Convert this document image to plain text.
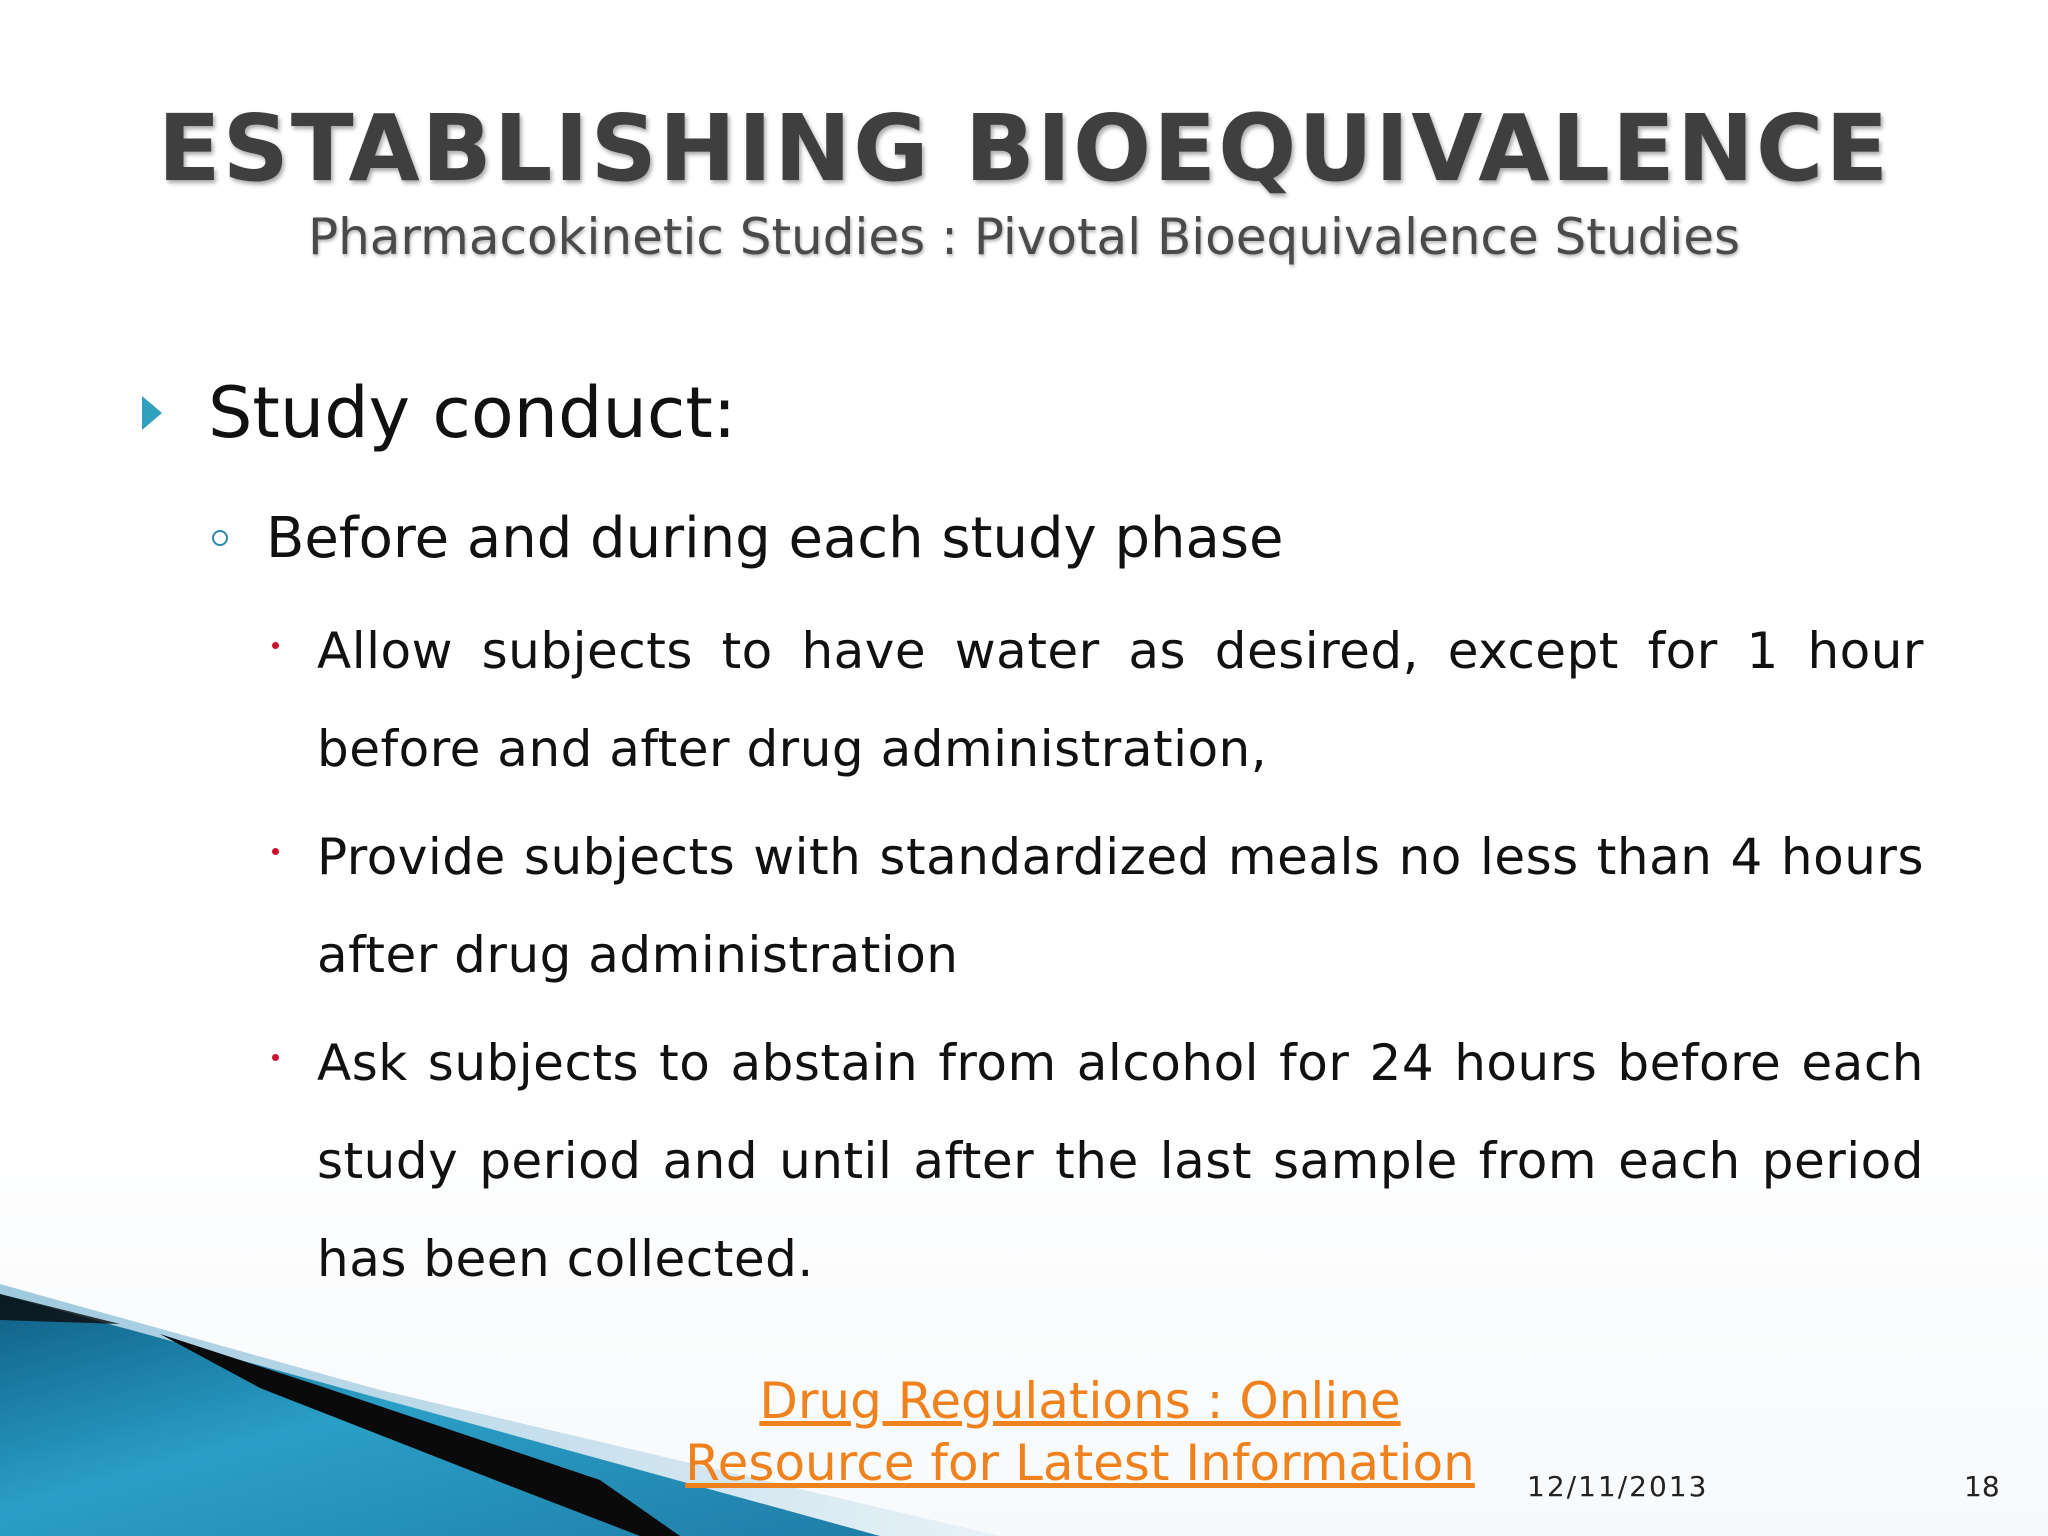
ESTABLISHING BIOEQUIVALENCE
Pharmacokinetic Studies : Pivotal Bioequivalence Studies
Study conduct:
Before and during each study phase
Allow subjects to have water as desired, except for 1 hour before and after drug administration,
Provide subjects with standardized meals no less than 4 hours after drug administration
Ask subjects to abstain from alcohol for 24 hours before each study period and until after the last sample from each period has been collected.
Drug Regulations : Online
Resource for Latest Information 12/11/2013	18
